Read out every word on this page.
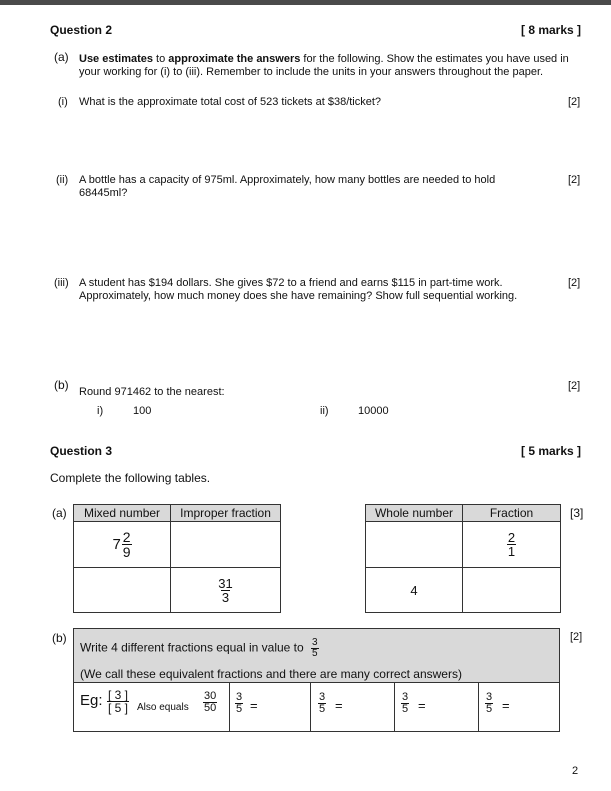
Question 2	[ 8 marks ]
(a) Use estimates to approximate the answers for the following. Show the estimates you have used in your working for (i) to (iii). Remember to include the units in your answers throughout the paper.
(i) What is the approximate total cost of 523 tickets at $38/ticket?	[2]
(ii) A bottle has a capacity of 975ml. Approximately, how many bottles are needed to hold 68445ml?
[2]
(iii) A student has $194 dollars. She gives $72 to a friend and earns $115 in part-time work. Approximately, how much money does she have remaining? Show full sequential working.
[2]
(b) Round 971462 to the nearest:	[2]
i)	100	ii)	10000
Question 3	[ 5 marks ]
Complete the following tables.
(a)	[3]
Mixed number	Improper fraction

$7 \frac{2}{9}$

	$\frac{31}{3}$
Whole number	Fraction

	$\frac{2}{1}$

4	
(b)	[2]
Write 4 different fractions equal in value to $\frac{3}{5}$
(We call these equivalent fractions and there are many correct answers)
Eg: $\frac{[ 3 ]}{[ 5 ]}$ Also equals $\frac{30}{50} \frac{3}{5}$ =	$\frac{3}{5}$ =	$\frac{3}{5}$ =	$\frac{3}{5}$ =
2
